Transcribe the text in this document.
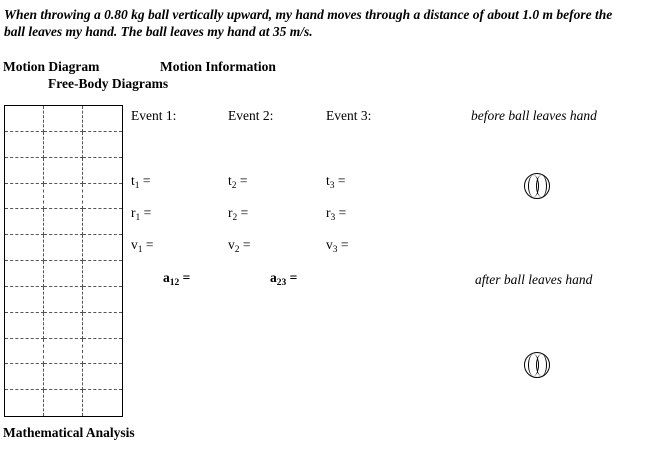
When throwing a 0.80 kg ball vertically upward, my hand moves through a distance of about 1.0 m before the ball leaves my hand. The ball leaves my hand at 35 m/s.
Motion Diagram	Motion Information
Free-Body Diagrams
Mathematical Analysis
Event 1:
$t_1$ =
$r_1$ =
$v_1$ =
Event 2:
$t_2$ =
$r_2$ =
$v_2$ =
Event 3:
$t_3$ =
$r_3$ =
$v_3$ =
$a_{12}$ =	$a_{23}$ =
before ball leaves hand
after ball leaves hand
